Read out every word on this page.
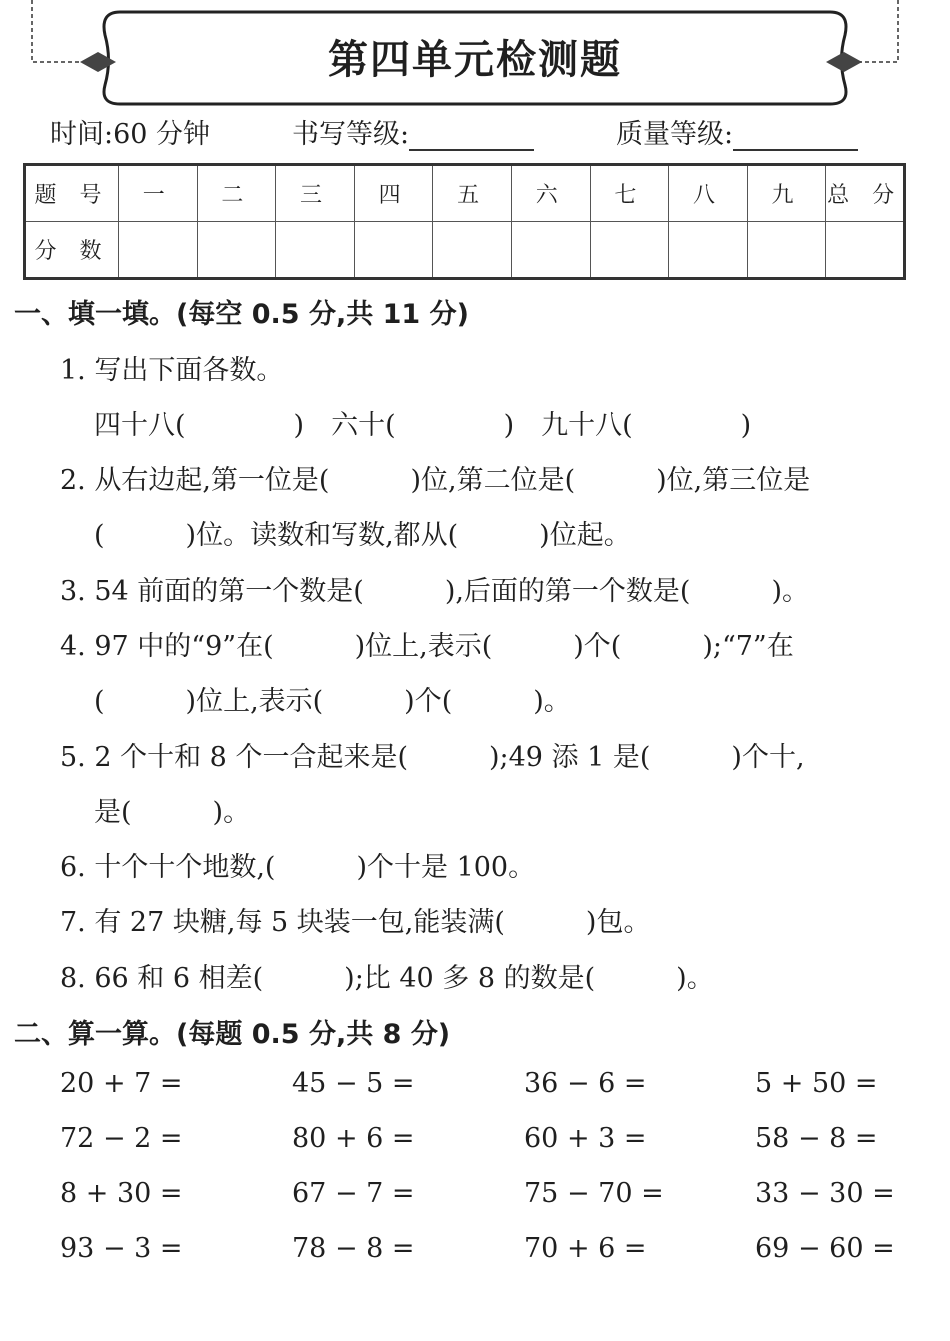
第四单元检测题
时间:60 分钟	书写等级:	质量等级:
题 号	一	二	三	四	五	六	七	八	九	总 分
分 数										
一、填一填。(每空 0.5 分,共 11 分)
1. 写出下面各数。
四十八(　　　　)　六十(　　　　)　九十八(　　　　)
2. 从右边起,第一位是(　　　)位,第二位是(　　　)位,第三位是
(　　　)位。读数和写数,都从(　　　)位起。
3. 54 前面的第一个数是(　　　),后面的第一个数是(　　　)。
4. 97 中的“9”在(　　　)位上,表示(　　　)个(　　　);“7”在
(　　　)位上,表示(　　　)个(　　　)。
5. 2 个十和 8 个一合起来是(　　　);49 添 1 是(　　　)个十,
是(　　　)。
6. 十个十个地数,(　　　)个十是 100。
7. 有 27 块糖,每 5 块装一包,能装满(　　　)包。
8. 66 和 6 相差(　　　);比 40 多 8 的数是(　　　)。
二、算一算。(每题 0.5 分,共 8 分)
20 + 7 =	45 − 5 =	36 − 6 =	5 + 50 =
72 − 2 =	80 + 6 =	60 + 3 =	58 − 8 =
8 + 30 =	67 − 7 =	75 − 70 =	33 − 30 =
93 − 3 =	78 − 8 =	70 + 6 =	69 − 60 =
